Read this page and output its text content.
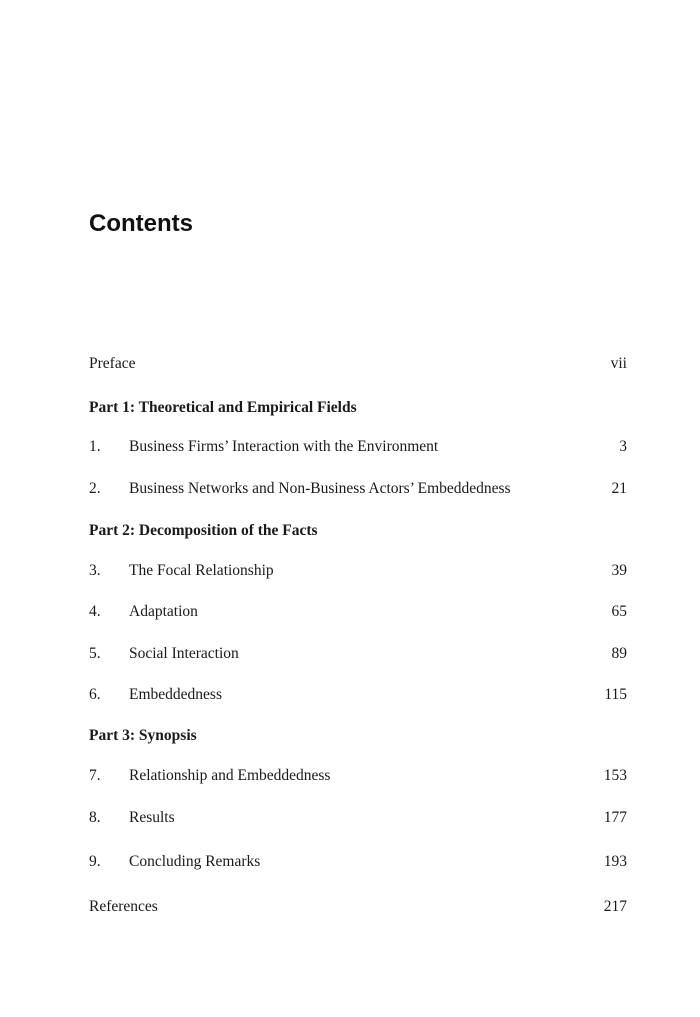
Contents
Preface	vii
Part 1: Theoretical and Empirical Fields
1. Business Firms’ Interaction with the Environment	3
2. Business Networks and Non-Business Actors’ Embeddedness	21
Part 2: Decomposition of the Facts
3. The Focal Relationship	39
4. Adaptation	65
5. Social Interaction	89
6. Embeddedness	115
Part 3: Synopsis
7. Relationship and Embeddedness	153
8. Results	177
9. Concluding Remarks	193
References	217
